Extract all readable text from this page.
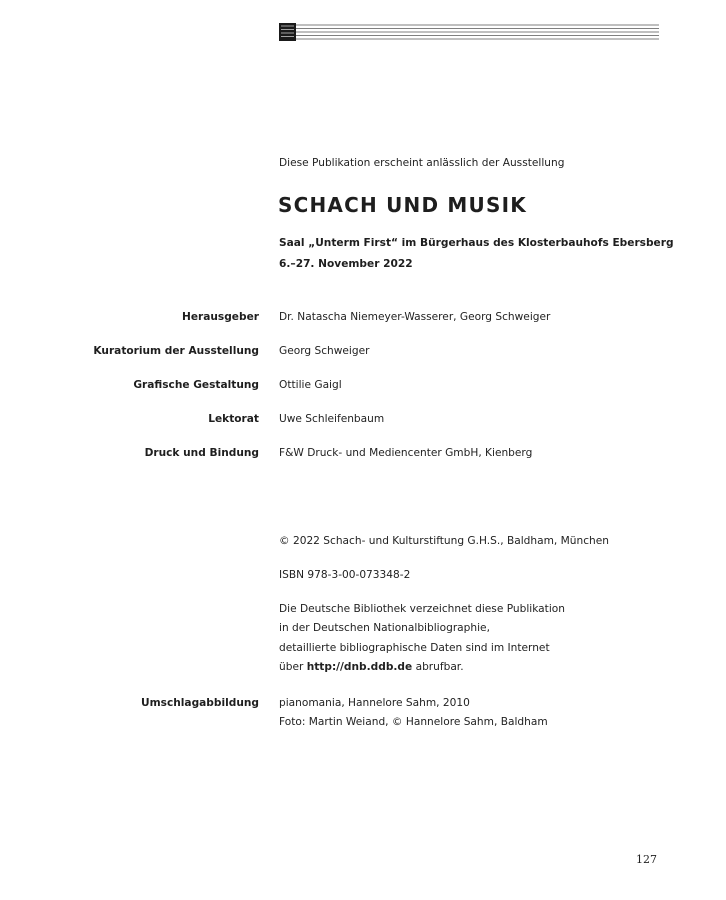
Diese Publikation erscheint anlässlich der Ausstellung
SCHACH UND MUSIK
Saal „Unterm First“ im Bürgerhaus des Klosterbauhofs Ebersberg
6.–27. November 2022
Herausgeber Dr. Natascha Niemeyer-Wasserer, Georg Schweiger
Kuratorium der Ausstellung Georg Schweiger
Grafische Gestaltung Ottilie Gaigl
Lektorat Uwe Schleifenbaum
Druck und Bindung F&W Druck- und Mediencenter GmbH, Kienberg
© 2022 Schach- und Kulturstiftung G.H.S., Baldham, München
ISBN 978-3-00-073348-2
Die Deutsche Bibliothek verzeichnet diese Publikation
in der Deutschen Nationalbibliographie,
detaillierte bibliographische Daten sind im Internet
über http://dnb.ddb.de abrufbar.
Umschlagabbildung pianomania, Hannelore Sahm, 2010
Foto: Martin Weiand, © Hannelore Sahm, Baldham
127
